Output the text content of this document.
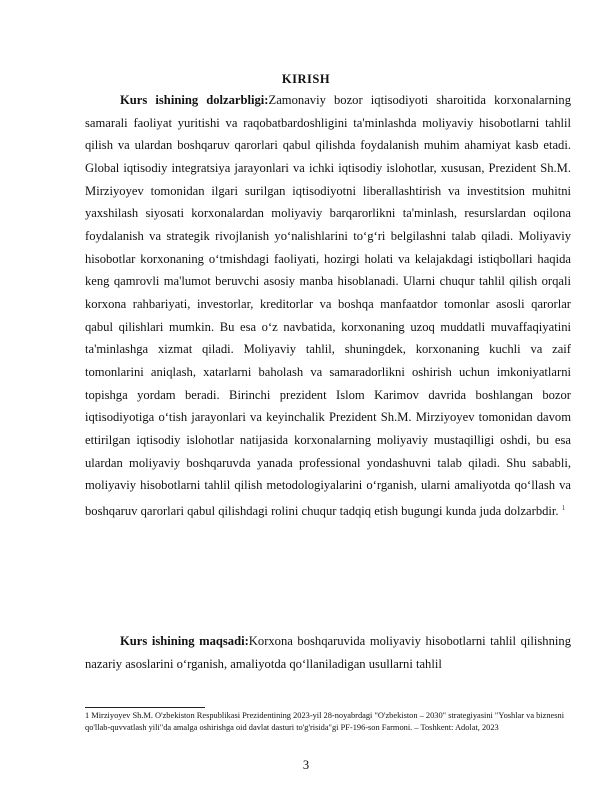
KIRISH

Kurs ishining dolzarbligi:Zamonaviy bozor iqtisodiyoti sharoitida korxonalarning samarali faoliyat yuritishi va raqobatbardoshligini ta'minlashda moliyaviy hisobotlarni tahlil qilish va ulardan boshqaruv qarorlari qabul qilishda foydalanish muhim ahamiyat kasb etadi. Global iqtisodiy integratsiya jarayonlari va ichki iqtisodiy islohotlar, xususan, Prezident Sh.M. Mirziyoyev tomonidan ilgari surilgan iqtisodiyotni liberallashtirish va investitsion muhitni yaxshilash siyosati korxonalardan moliyaviy barqarorlikni ta'minlash, resurslardan oqilona foydalanish va strategik rivojlanish yo‘nalishlarini to‘g‘ri belgilashni talab qiladi. Moliyaviy hisobotlar korxonaning o‘tmishdagi faoliyati, hozirgi holati va kelajakdagi istiqbollari haqida keng qamrovli ma'lumot beruvchi asosiy manba hisoblanadi. Ularni chuqur tahlil qilish orqali korxona rahbariyati, investorlar, kreditorlar va boshqa manfaatdor tomonlar asosli qarorlar qabul qilishlari mumkin. Bu esa o‘z navbatida, korxonaning uzoq muddatli muvaffaqiyatini ta'minlashga xizmat qiladi. Moliyaviy tahlil, shuningdek, korxonaning kuchli va zaif tomonlarini aniqlash, xatarlarni baholash va samaradorlikni oshirish uchun imkoniyatlarni topishga yordam beradi. Birinchi prezident Islom Karimov davrida boshlangan bozor iqtisodiyotiga o‘tish jarayonlari va keyinchalik Prezident Sh.M. Mirziyoyev tomonidan davom ettirilgan iqtisodiy islohotlar natijasida korxonalarning moliyaviy mustaqilligi oshdi, bu esa ulardan moliyaviy boshqaruvda yanada professional yondashuvni talab qiladi. Shu sababli, moliyaviy hisobotlarni tahlil qilish metodologiyalarini o‘rganish, ularni amaliyotda qo‘llash va boshqaruv qarorlari qabul qilishdagi rolini chuqur tadqiq etish bugungi kunda juda dolzarbdir. $^1$

Kurs ishining maqsadi:Korxona boshqaruvida moliyaviy hisobotlarni tahlil qilishning nazariy asoslarini o‘rganish, amaliyotda qo‘llaniladigan usullarni tahlil

1 Mirziyoyev Sh.M. O'zbekiston Respublikasi Prezidentining 2023-yil 28-noyabrdagi "O'zbekiston – 2030" strategiyasini "Yoshlar va biznesni qo'llab-quvvatlash yili"da amalga oshirishga oid davlat dasturi to'g'risida"gi PF-196-son Farmoni. – Toshkent: Adolat, 2023

3
